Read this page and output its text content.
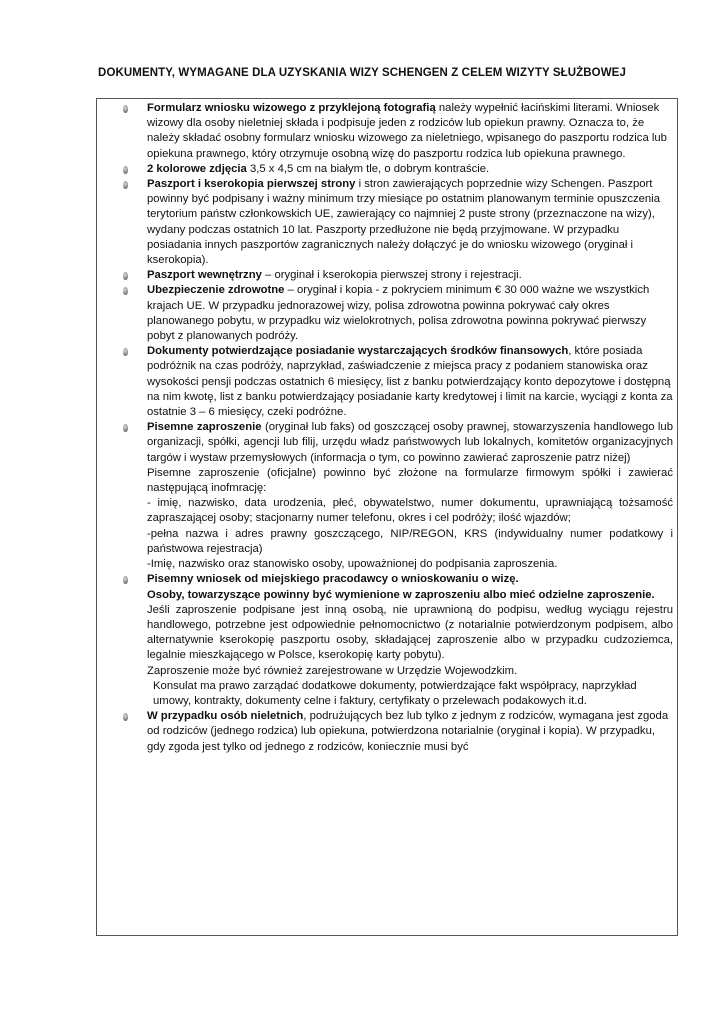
DOKUMENTY, WYMAGANE DLA UZYSKANIA WIZY SCHENGEN Z CELEM WIZYTY SŁUŻBOWEJ

Formularz wniosku wizowego z przyklejoną fotografią należy wypełnić łacińskimi literami. Wniosek wizowy dla osoby nieletniej składa i podpisuje jeden z rodziców lub opiekun prawny. Oznacza to, że należy składać osobny formularz wniosku wizowego za nieletniego, wpisanego do paszportu rodzica lub opiekuna prawnego, który otrzymuje osobną wizę do paszportu rodzica lub opiekuna prawnego.

2 kolorowe zdjęcia 3,5 x 4,5 cm na białym tle, o dobrym kontraście.

Paszport i kserokopia pierwszej strony i stron zawierających poprzednie wizy Schengen. Paszport powinny być podpisany i ważny minimum trzy miesiące po ostatnim planowanym terminie opuszczenia terytorium państw członkowskich UE, zawierający co najmniej 2 puste strony (przeznaczone na wizy), wydany podczas ostatnich 10 lat. Paszporty przedłużone nie będą przyjmowane. W przypadku posiadania innych paszportów zagranicznych należy dołączyć je do wniosku wizowego (oryginał i kserokopia).

Paszport wewnętrzny – oryginał i kserokopia pierwszej strony i rejestracji.

Ubezpieczenie zdrowotne – oryginał i kopia - z pokryciem minimum € 30 000 ważne we wszystkich krajach UE. W przypadku jednorazowej wizy, polisa zdrowotna powinna pokrywać cały okres planowanego pobytu, w przypadku wiz wielokrotnych, polisa zdrowotna powinna pokrywać pierwszy pobyt z planowanych podróży.

Dokumenty potwierdzające posiadanie wystarczających środków finansowych, które posiada podróżnik na czas podróży, naprzykład, zaświadczenie z miejsca pracy z podaniem stanowiska oraz wysokości pensji podczas ostatnich 6 miesięcy, list z banku potwierdzający konto depozytowe i dostępną na nim kwotę, list z banku potwierdzający posiadanie karty kredytowej i limit na karcie, wyciągi z konta za ostatnie 3 – 6 miesięcy, czeki podróżne.

Pisemne zaproszenie (oryginał lub faks) od goszczącej osoby prawnej, stowarzyszenia handlowego lub organizacji, spółki, agencji lub filij, urzędu władz państwowych lub lokalnych, komitetów organizacyjnych targów i wystaw przemysłowych (informacja o tym, co powinno zawierać zaproszenie patrz niżej)

Pisemne zaproszenie (oficjalne) powinno być złożone na formularze firmowym spółki i zawierać następującą inofmrację:

- imię, nazwisko, data urodzenia, płeć, obywatelstwo, numer dokumentu, uprawniającą tożsamość zapraszającej osoby; stacjonarny numer telefonu, okres i cel podróży; ilość wjazdów;

-pełna nazwa i adres prawny goszczącego, NIP/REGON, KRS (indywidualny numer podatkowy i państwowa rejestracja)

-Imię, nazwisko oraz stanowisko osoby, upoważnionej do podpisania zaproszenia.

Pisemny wniosek od miejskiego pracodawcy o wnioskowaniu o wizę.

Osoby, towarzyszące powinny być wymienione w zaproszeniu albo mieć odzielne zaproszenie.

Jeśli zaproszenie podpisane jest inną osobą, nie uprawnioną do podpisu, według wyciągu rejestru handlowego, potrzebne jest odpowiednie pełnomocnictwo (z notarialnie potwierdzonym podpisem, albo alternatywnie kserokopię paszportu osoby, składającej zaproszenie albo w przypadku cudzoziemca, legalnie mieszkającego w Polsce, kserokopię karty pobytu).

Zaproszenie może być również zarejestrowane w Urzędzie Wojewodzkim.

Konsulat ma prawo zarządać dodatkowe dokumenty, potwierdzające fakt współpracy, naprzykład umowy, kontrakty, dokumenty celne i faktury, certyfikaty o przelewach podakowych it.d.

W przypadku osób nieletnich, podrużujących bez lub tylko z jednym z rodziców, wymagana jest zgoda od rodziców (jednego rodzica) lub opiekuna, potwierdzona notarialnie (oryginał i kopia). W przypadku, gdy zgoda jest tylko od jednego z rodziców, koniecznie musi być
